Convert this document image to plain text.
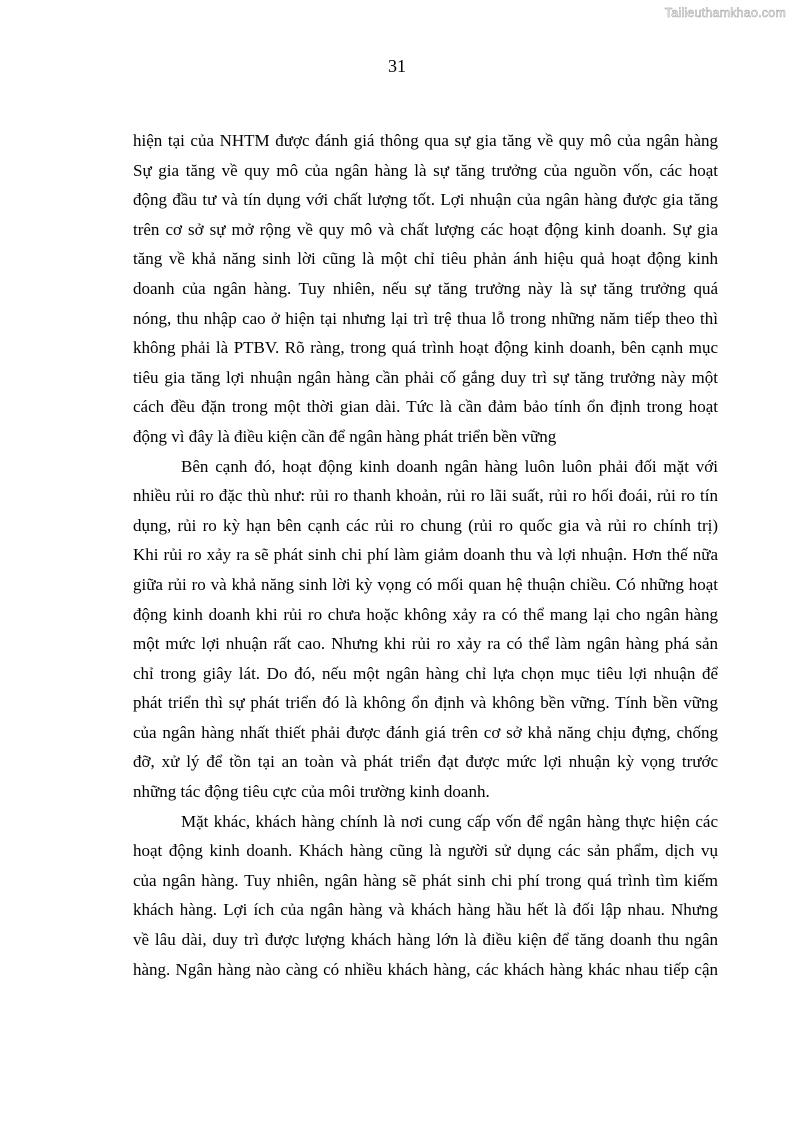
Tailieuthamkhao.com
31
hiện tại của NHTM được đánh giá thông qua sự gia tăng về quy mô của ngân hàng
Sự gia tăng về quy mô của ngân hàng là sự tăng trưởng của nguồn vốn, các hoạt
động đầu tư và tín dụng với chất lượng tốt. Lợi nhuận của ngân hàng được gia tăng
trên cơ sở sự mở rộng về quy mô và chất lượng các hoạt động kinh doanh. Sự gia
tăng về khả năng sinh lời cũng là một chỉ tiêu phản ánh hiệu quả hoạt động kinh
doanh của ngân hàng. Tuy nhiên, nếu sự tăng trưởng này là sự tăng trưởng quá
nóng, thu nhập cao ở hiện tại nhưng lại trì trệ thua lỗ trong những năm tiếp theo thì
không phải là PTBV. Rõ ràng, trong quá trình hoạt động kinh doanh, bên cạnh mục
tiêu gia tăng lợi nhuận ngân hàng cần phải cố gắng duy trì sự tăng trưởng này một
cách đều đặn trong một thời gian dài. Tức là cần đảm bảo tính ổn định trong hoạt
động vì đây là điều kiện cần để ngân hàng phát triển bền vững
Bên cạnh đó, hoạt động kinh doanh ngân hàng luôn luôn phải đối mặt với
nhiều rủi ro đặc thù như: rủi ro thanh khoản, rủi ro lãi suất, rủi ro hối đoái, rủi ro tín
dụng, rủi ro kỳ hạn bên cạnh các rủi ro chung (rủi ro quốc gia và rủi ro chính trị)
Khi rủi ro xảy ra sẽ phát sinh chi phí làm giảm doanh thu và lợi nhuận. Hơn thế nữa
giữa rủi ro và khả năng sinh lời kỳ vọng có mối quan hệ thuận chiều. Có những hoạt
động kinh doanh khi rủi ro chưa hoặc không xảy ra có thể mang lại cho ngân hàng
một mức lợi nhuận rất cao. Nhưng khi rủi ro xảy ra có thể làm ngân hàng phá sản
chỉ trong giây lát. Do đó, nếu một ngân hàng chỉ lựa chọn mục tiêu lợi nhuận để
phát triển thì sự phát triển đó là không ổn định và không bền vững. Tính bền vững
của ngân hàng nhất thiết phải được đánh giá trên cơ sở khả năng chịu đựng, chống
đỡ, xử lý để tồn tại an toàn và phát triển đạt được mức lợi nhuận kỳ vọng trước
những tác động tiêu cực của môi trường kinh doanh.
Mặt khác, khách hàng chính là nơi cung cấp vốn để ngân hàng thực hiện các
hoạt động kinh doanh. Khách hàng cũng là người sử dụng các sản phẩm, dịch vụ
của ngân hàng. Tuy nhiên, ngân hàng sẽ phát sinh chi phí trong quá trình tìm kiếm
khách hàng. Lợi ích của ngân hàng và khách hàng hầu hết là đối lập nhau. Nhưng
về lâu dài, duy trì được lượng khách hàng lớn là điều kiện để tăng doanh thu ngân
hàng. Ngân hàng nào càng có nhiều khách hàng, các khách hàng khác nhau tiếp cận
